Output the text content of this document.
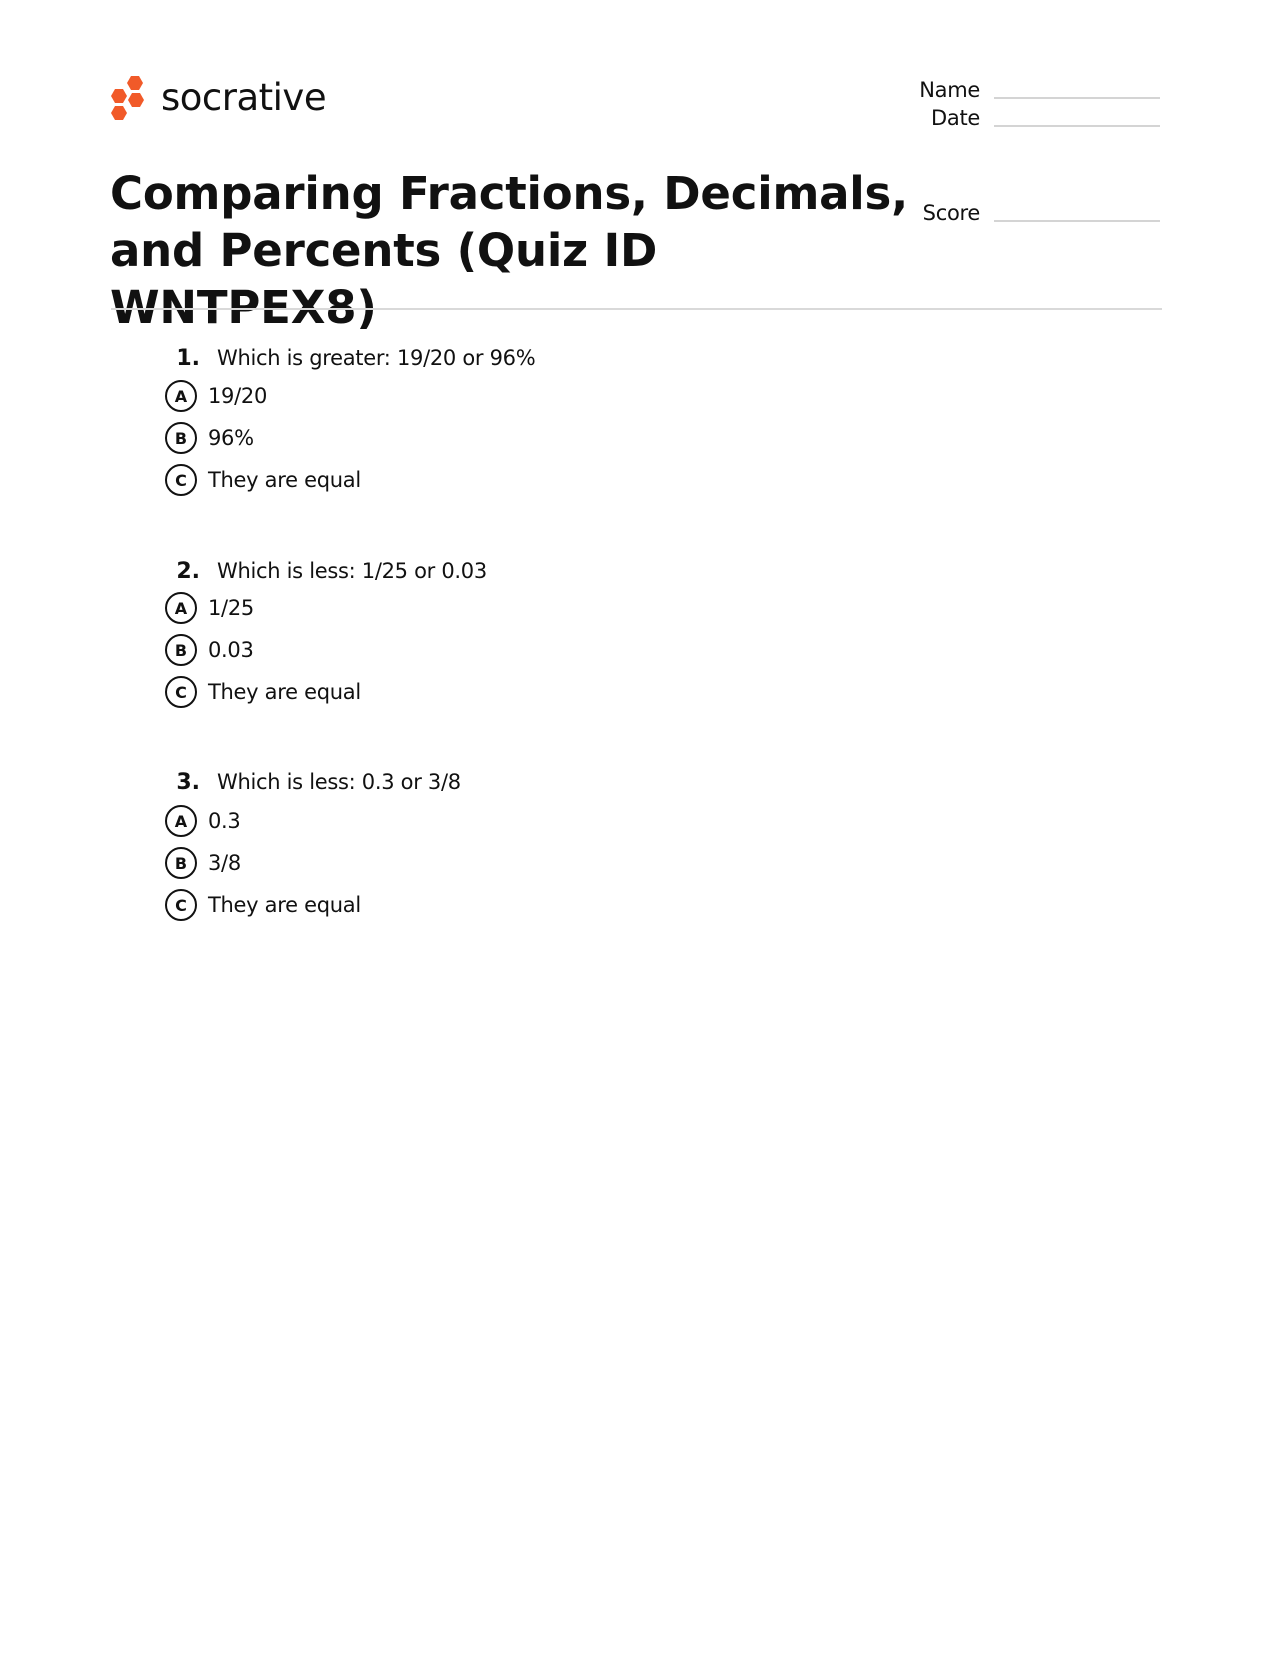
socrative	Name
Date
Score
Comparing Fractions, Decimals,
and Percents (Quiz ID WNTPEX8)
1. Which is greater: 19/20 or 96%
A 19/20
B 96%
C	They are equal
2. Which is less: 1/25 or 0.03
A 1/25
B 0.03
C	They are equal
3. Which is less: 0.3 or 3/8
A 0.3
B 3/8
C	They are equal
